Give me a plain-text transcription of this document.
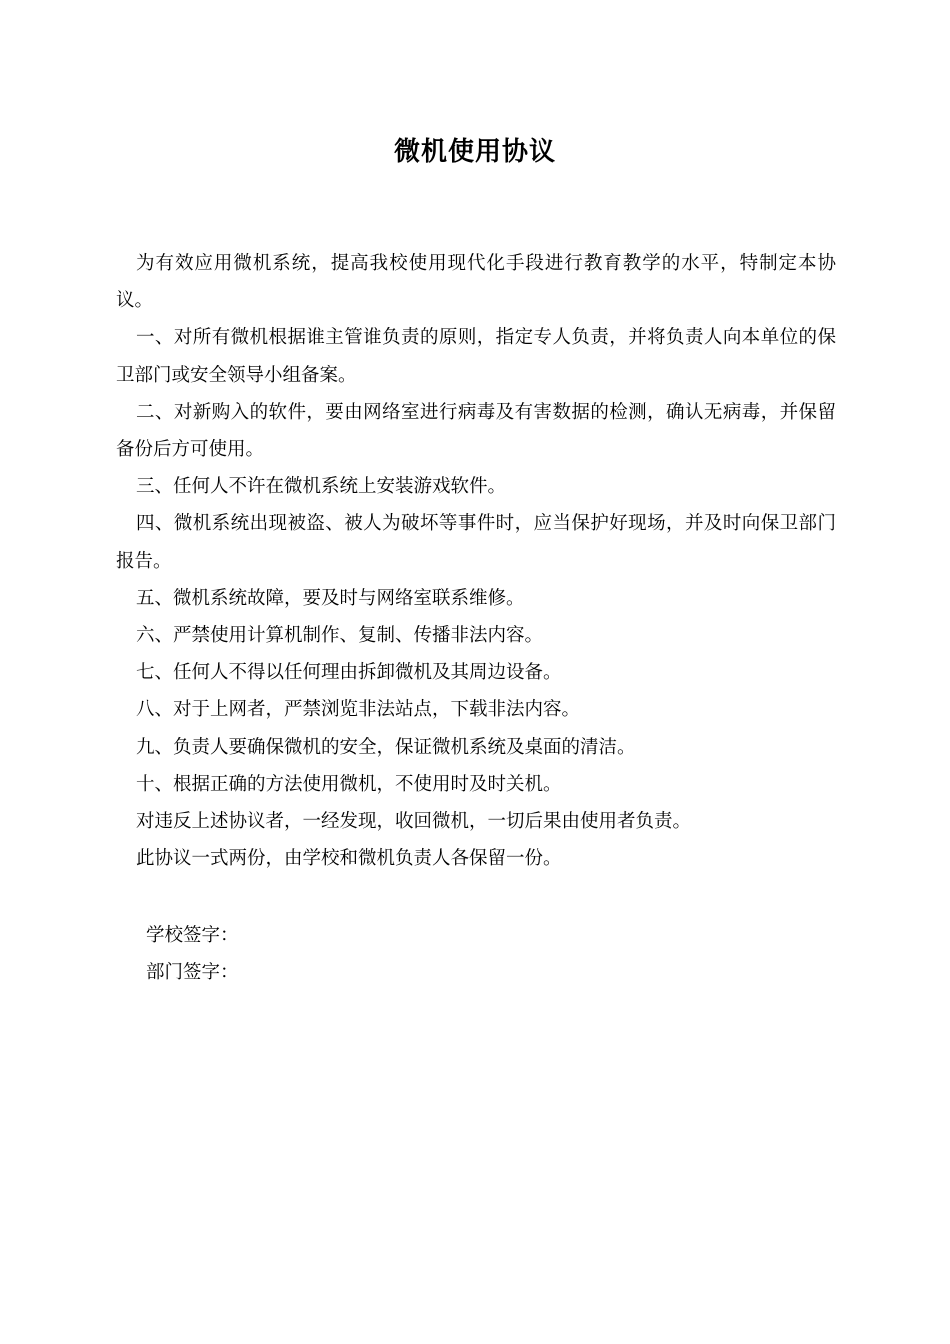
微机使用协议

为有效应用微机系统，提高我校使用现代化手段进行教育教学的水平，特制定本协议。

一、对所有微机根据谁主管谁负责的原则，指定专人负责，并将负责人向本单位的保卫部门或安全领导小组备案。

二、对新购入的软件，要由网络室进行病毒及有害数据的检测，确认无病毒，并保留备份后方可使用。

三、任何人不许在微机系统上安装游戏软件。

四、微机系统出现被盗、被人为破坏等事件时，应当保护好现场，并及时向保卫部门报告。

五、微机系统故障，要及时与网络室联系维修。

六、严禁使用计算机制作、复制、传播非法内容。

七、任何人不得以任何理由拆卸微机及其周边设备。

八、对于上网者，严禁浏览非法站点，下载非法内容。

九、负责人要确保微机的安全，保证微机系统及桌面的清洁。

十、根据正确的方法使用微机，不使用时及时关机。

对违反上述协议者，一经发现，收回微机，一切后果由使用者负责。

此协议一式两份，由学校和微机负责人各保留一份。

学校签字：
部门签字：
